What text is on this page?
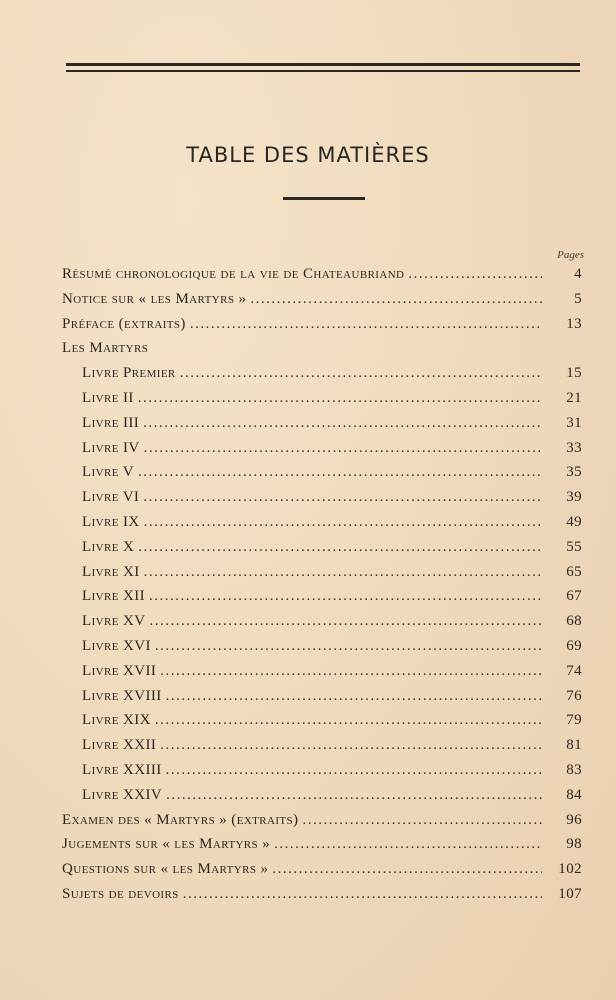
TABLE DES MATIÈRES
Pages
Résumé chronologique de la vie de Chateaubriand .....	4
Notice sur « les Martyrs » .....	5
Préface (extraits) .....	13
Les Martyrs
Livre Premier .....	15
Livre II .....	21
Livre III .....	31
Livre IV .....	33
Livre V .....	35
Livre VI .....	39
Livre IX .....	49
Livre X .....	55
Livre XI .....	65
Livre XII .....	67
Livre XV .....	68
Livre XVI .....	69
Livre XVII .....	74
Livre XVIII .....	76
Livre XIX .....	79
Livre XXII .....	81
Livre XXIII .....	83
Livre XXIV .....	84
Examen des « Martyrs » (extraits) .....	96
Jugements sur « les Martyrs » .....	98
Questions sur « les Martyrs » .....	102
Sujets de devoirs .....	107
